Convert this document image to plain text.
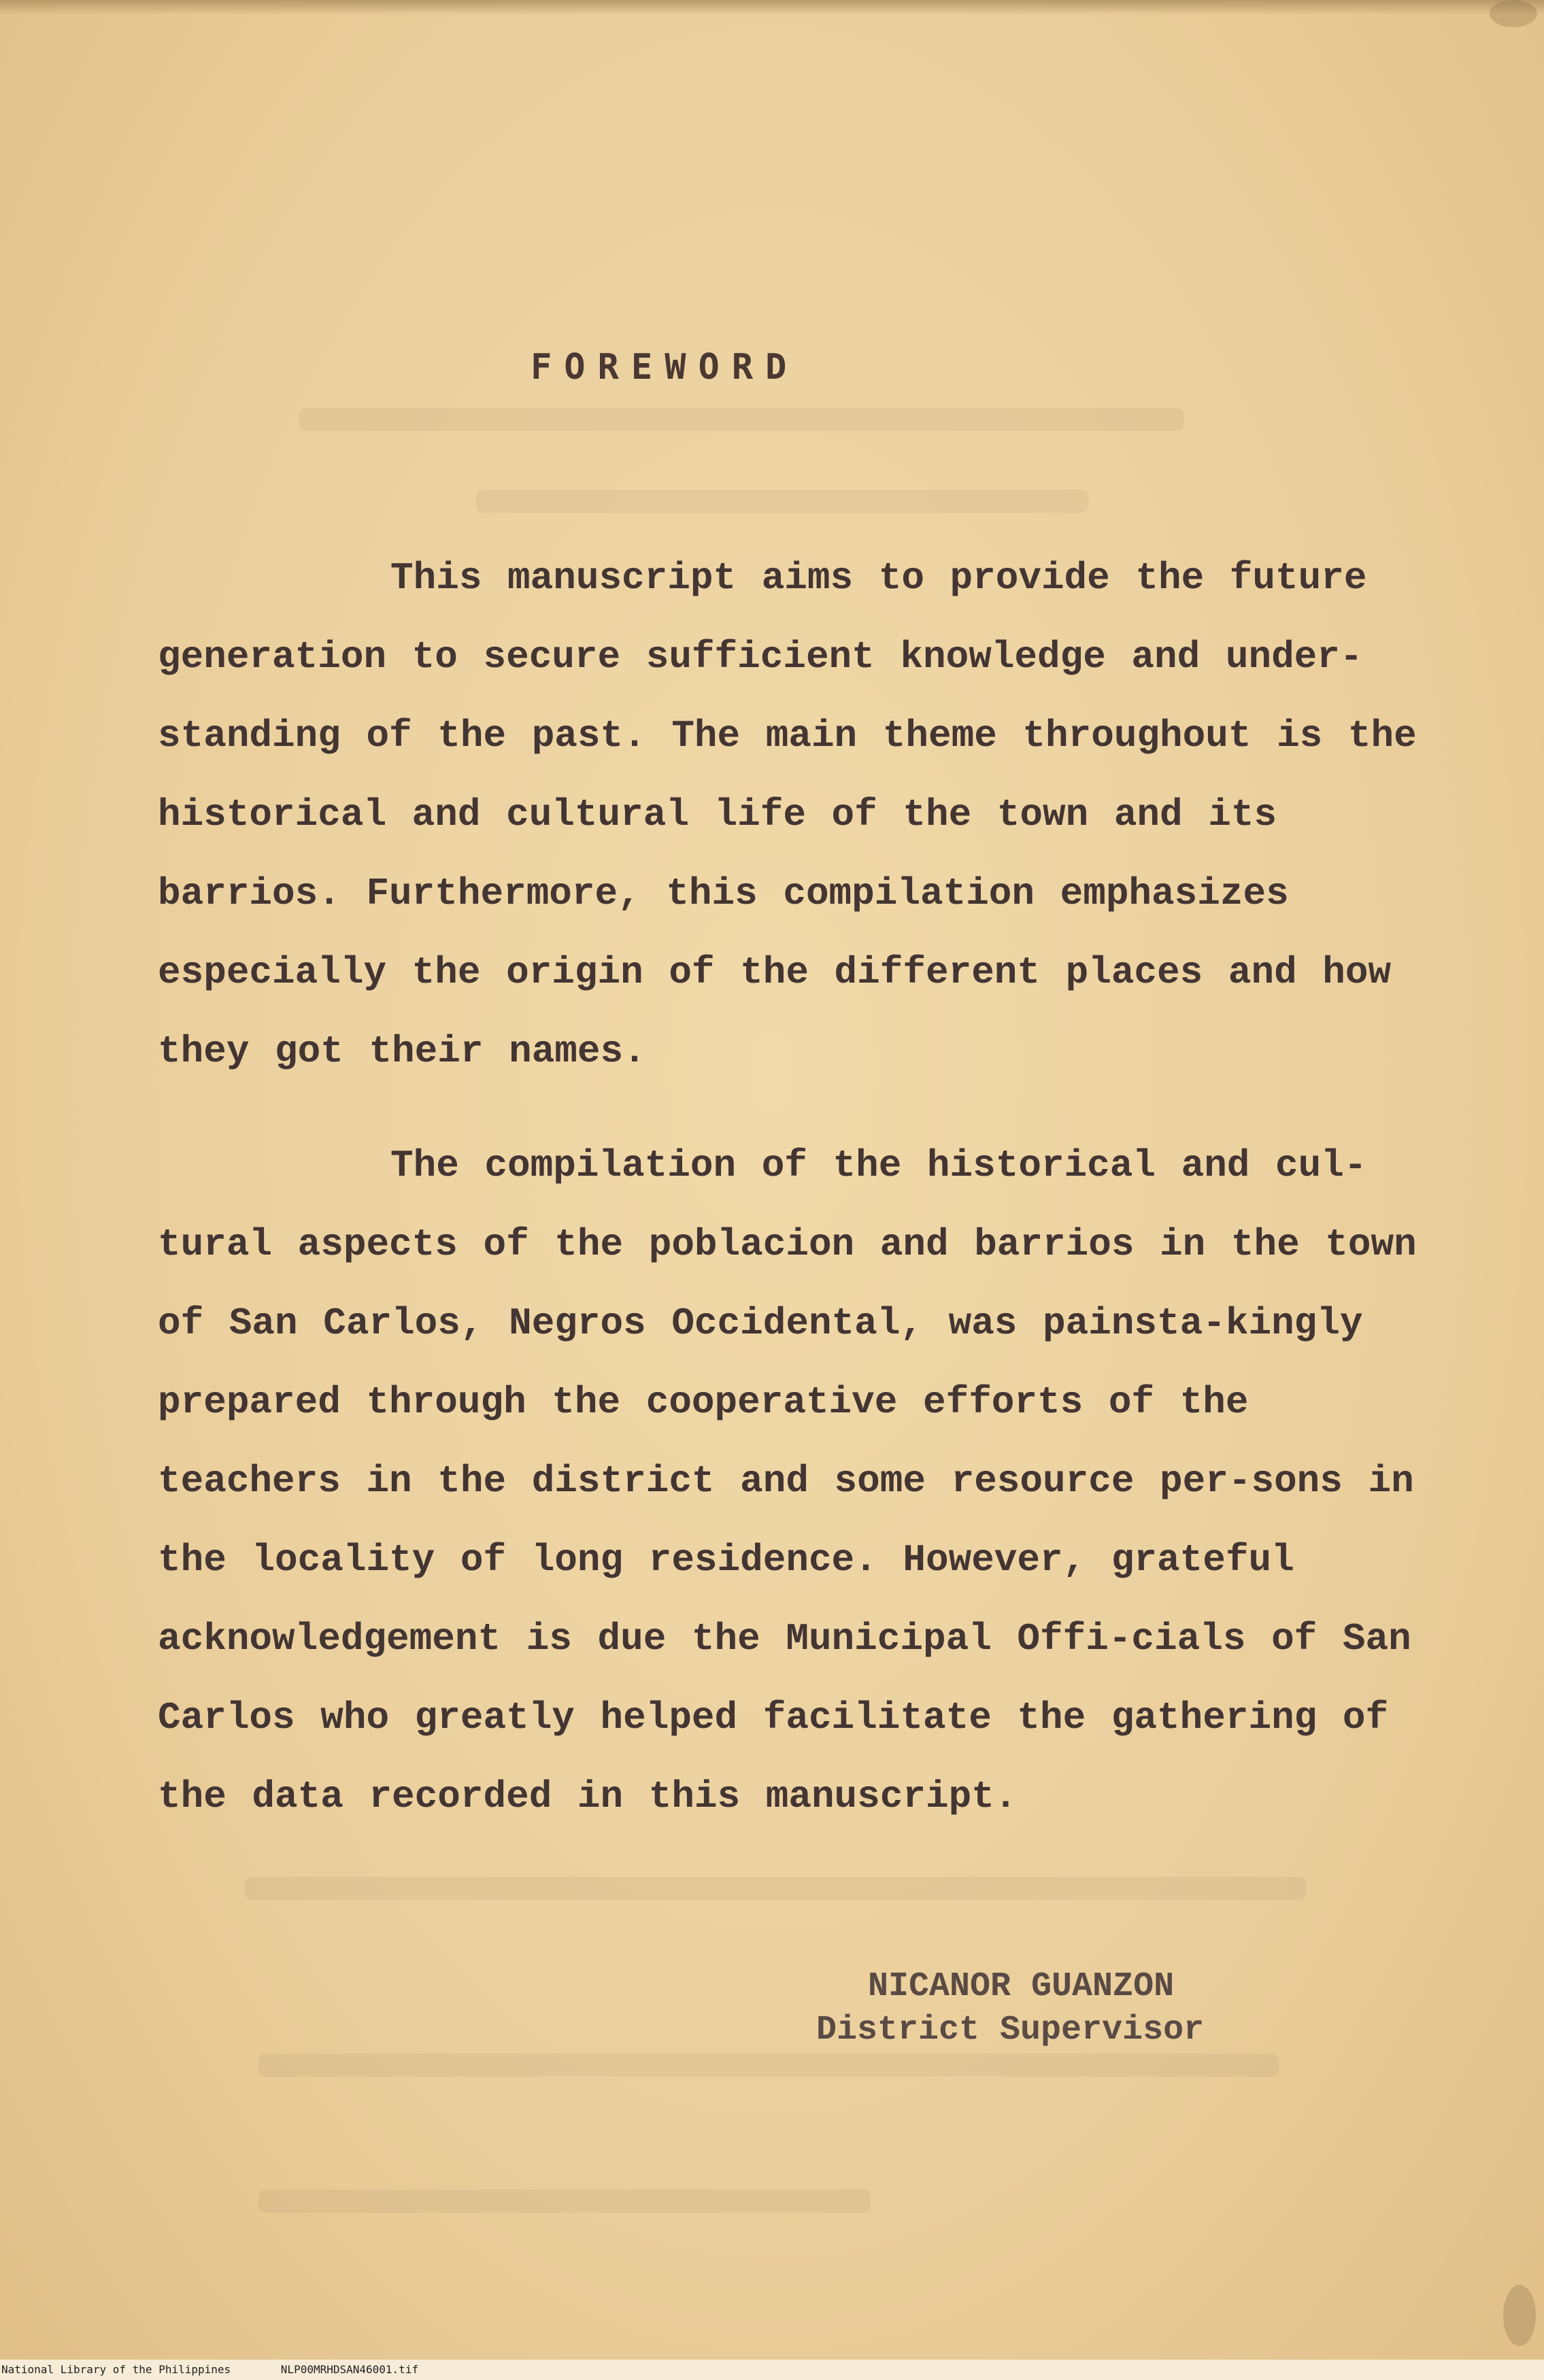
FOREWORD

This manuscript aims to provide the future generation to secure sufficient knowledge and under-standing of the past. The main theme throughout is the historical and cultural life of the town and its barrios. Furthermore, this compilation emphasizes especially the origin of the different places and how they got their names.

The compilation of the historical and cul-tural aspects of the poblacion and barrios in the town of San Carlos, Negros Occidental, was painsta-kingly prepared through the cooperative efforts of the teachers in the district and some resource per-sons in the locality of long residence. However, grateful acknowledgement is due the Municipal Offi-cials of San Carlos who greatly helped facilitate the gathering of the data recorded in this manuscript.

NICANOR GUANZON
District Supervisor
National Library of the Philippines	NLP00MRHDSAN46001.tif
